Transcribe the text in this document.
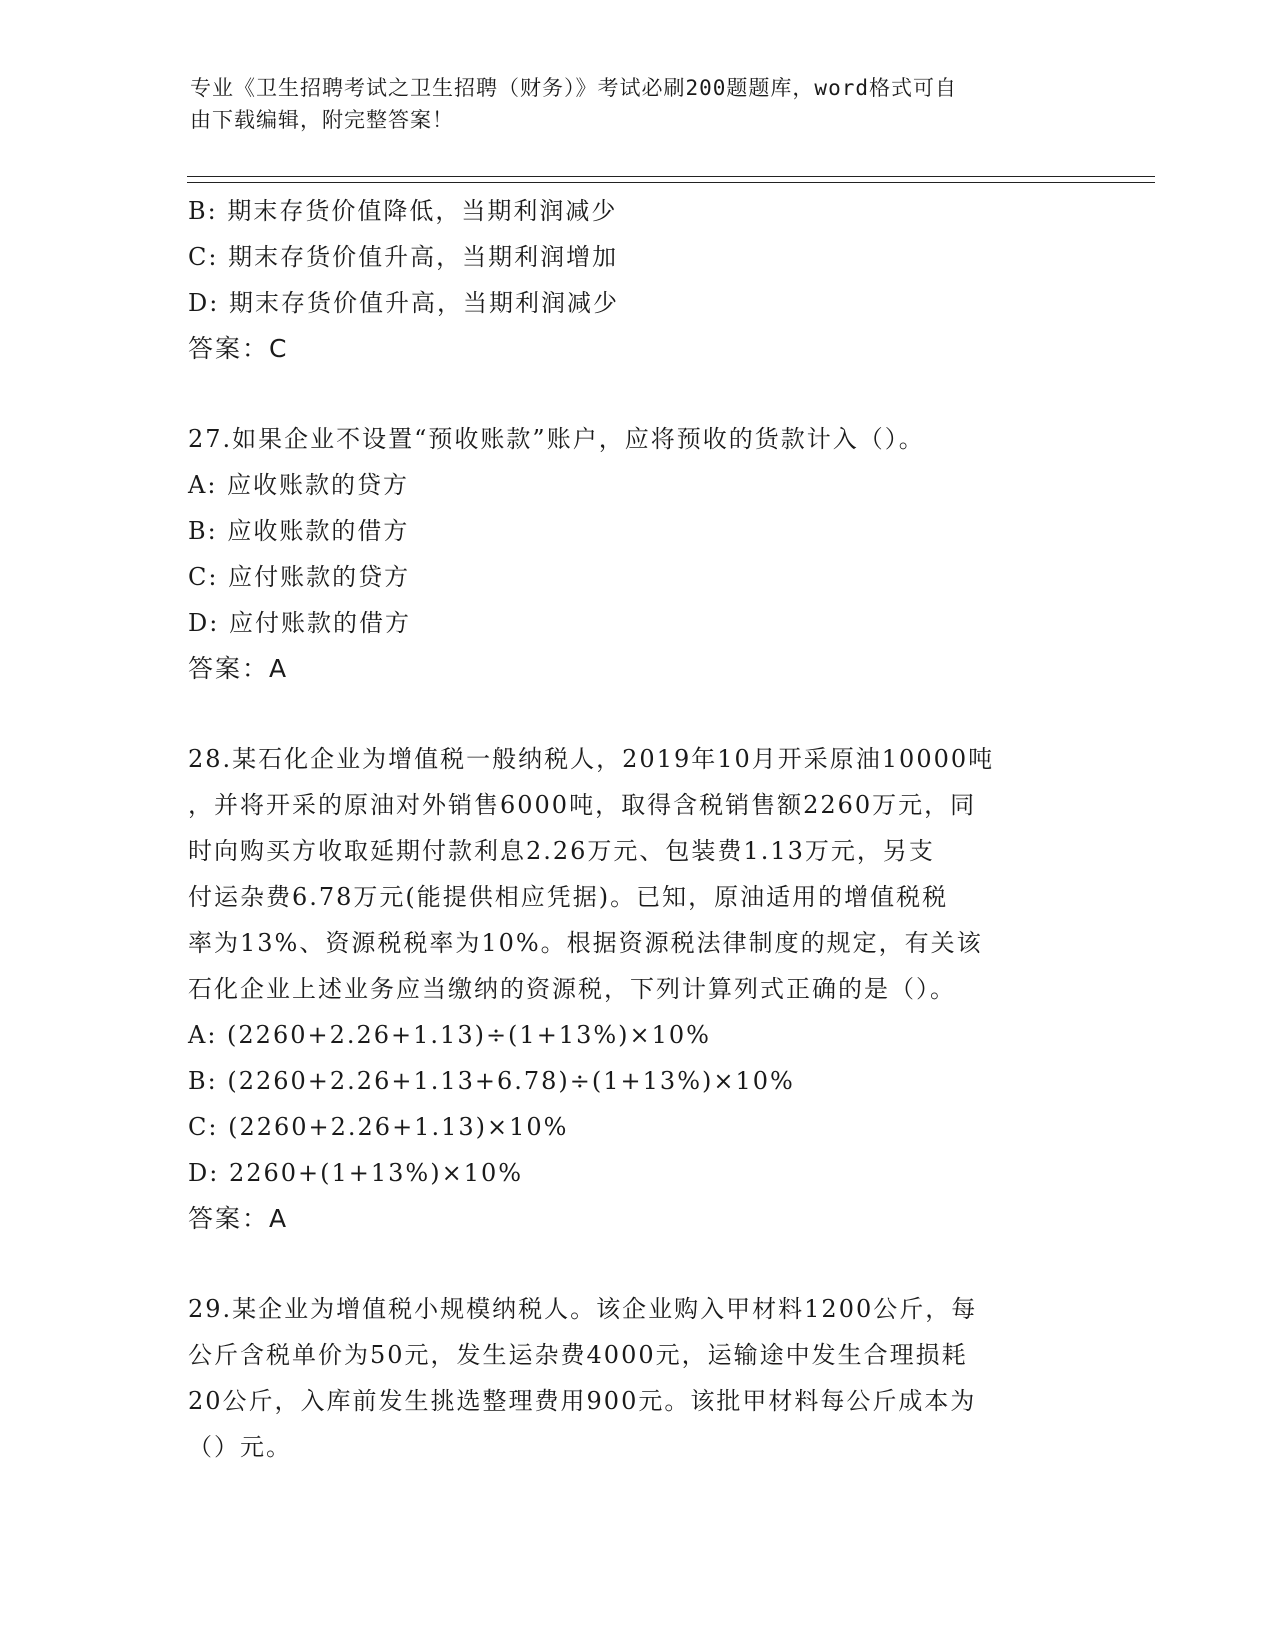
专业《卫生招聘考试之卫生招聘（财务）》考试必刷200题题库，word格式可自
由下载编辑，附完整答案！
B: 期末存货价值降低，当期利润减少
C: 期末存货价值升高，当期利润增加
D: 期末存货价值升高，当期利润减少
答案：C
27.如果企业不设置“预收账款”账户，应将预收的货款计入（）。
A: 应收账款的贷方
B: 应收账款的借方
C: 应付账款的贷方
D: 应付账款的借方
答案：A
28.某石化企业为增值税一般纳税人，2019年10月开采原油10000吨
，并将开采的原油对外销售6000吨，取得含税销售额2260万元，同
时向购买方收取延期付款利息2.26万元、包装费1.13万元，另支
付运杂费6.78万元(能提供相应凭据)。已知，原油适用的增值税税
率为13%、资源税税率为10%。根据资源税法律制度的规定，有关该
石化企业上述业务应当缴纳的资源税，下列计算列式正确的是（）。
A: (2260+2.26+1.13)÷(1+13%)×10%
B: (2260+2.26+1.13+6.78)÷(1+13%)×10%
C: (2260+2.26+1.13)×10%
D: 2260+(1+13%)×10%
答案：A
29.某企业为增值税小规模纳税人。该企业购入甲材料1200公斤，每
公斤含税单价为50元，发生运杂费4000元，运输途中发生合理损耗
20公斤，入库前发生挑选整理费用900元。该批甲材料每公斤成本为
（）元。
